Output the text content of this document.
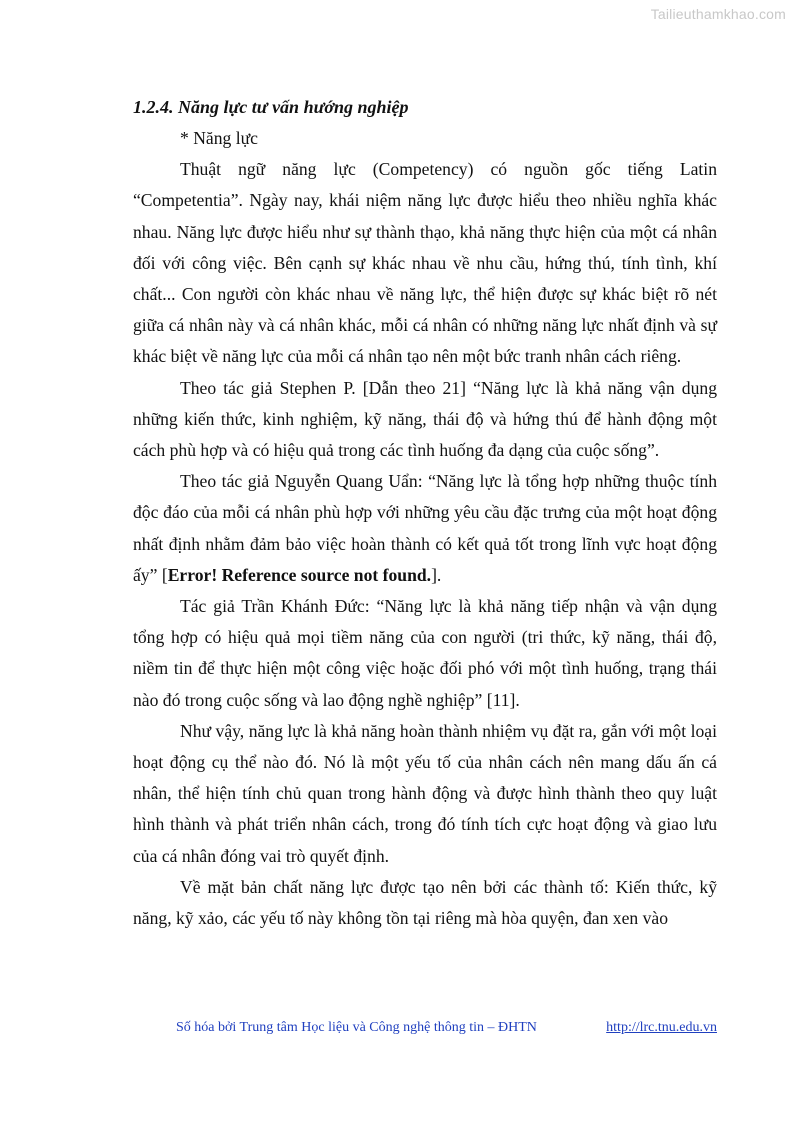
Tailieuthamkhao.com
1.2.4. Năng lực tư vấn hướng nghiệp

* Năng lực

Thuật ngữ năng lực (Competency) có nguồn gốc tiếng Latin “Competentia”. Ngày nay, khái niệm năng lực được hiểu theo nhiều nghĩa khác nhau. Năng lực được hiểu như sự thành thạo, khả năng thực hiện của một cá nhân đối với công việc. Bên cạnh sự khác nhau về nhu cầu, hứng thú, tính tình, khí chất... Con người còn khác nhau về năng lực, thể hiện được sự khác biệt rõ nét giữa cá nhân này và cá nhân khác, mỗi cá nhân có những năng lực nhất định và sự khác biệt về năng lực của mỗi cá nhân tạo nên một bức tranh nhân cách riêng.

Theo tác giả Stephen P. [Dẫn theo 21] “Năng lực là khả năng vận dụng những kiến thức, kinh nghiệm, kỹ năng, thái độ và hứng thú để hành động một cách phù hợp và có hiệu quả trong các tình huống đa dạng của cuộc sống”.

Theo tác giả Nguyễn Quang Uẩn: “Năng lực là tổng hợp những thuộc tính độc đáo của mỗi cá nhân phù hợp với những yêu cầu đặc trưng của một hoạt động nhất định nhằm đảm bảo việc hoàn thành có kết quả tốt trong lĩnh vực hoạt động ấy” [Error! Reference source not found.].

Tác giả Trần Khánh Đức: “Năng lực là khả năng tiếp nhận và vận dụng tổng hợp có hiệu quả mọi tiềm năng của con người (tri thức, kỹ năng, thái độ, niềm tin để thực hiện một công việc hoặc đối phó với một tình huống, trạng thái nào đó trong cuộc sống và lao động nghề nghiệp” [11].

Như vậy, năng lực là khả năng hoàn thành nhiệm vụ đặt ra, gắn với một loại hoạt động cụ thể nào đó. Nó là một yếu tố của nhân cách nên mang dấu ấn cá nhân, thể hiện tính chủ quan trong hành động và được hình thành theo quy luật hình thành và phát triển nhân cách, trong đó tính tích cực hoạt động và giao lưu của cá nhân đóng vai trò quyết định.

Về mặt bản chất năng lực được tạo nên bởi các thành tố: Kiến thức, kỹ năng, kỹ xảo, các yếu tố này không tồn tại riêng mà hòa quyện, đan xen vào

Số hóa bởi Trung tâm Học liệu và Công nghệ thông tin – ĐHTN	http://lrc.tnu.edu.vn
